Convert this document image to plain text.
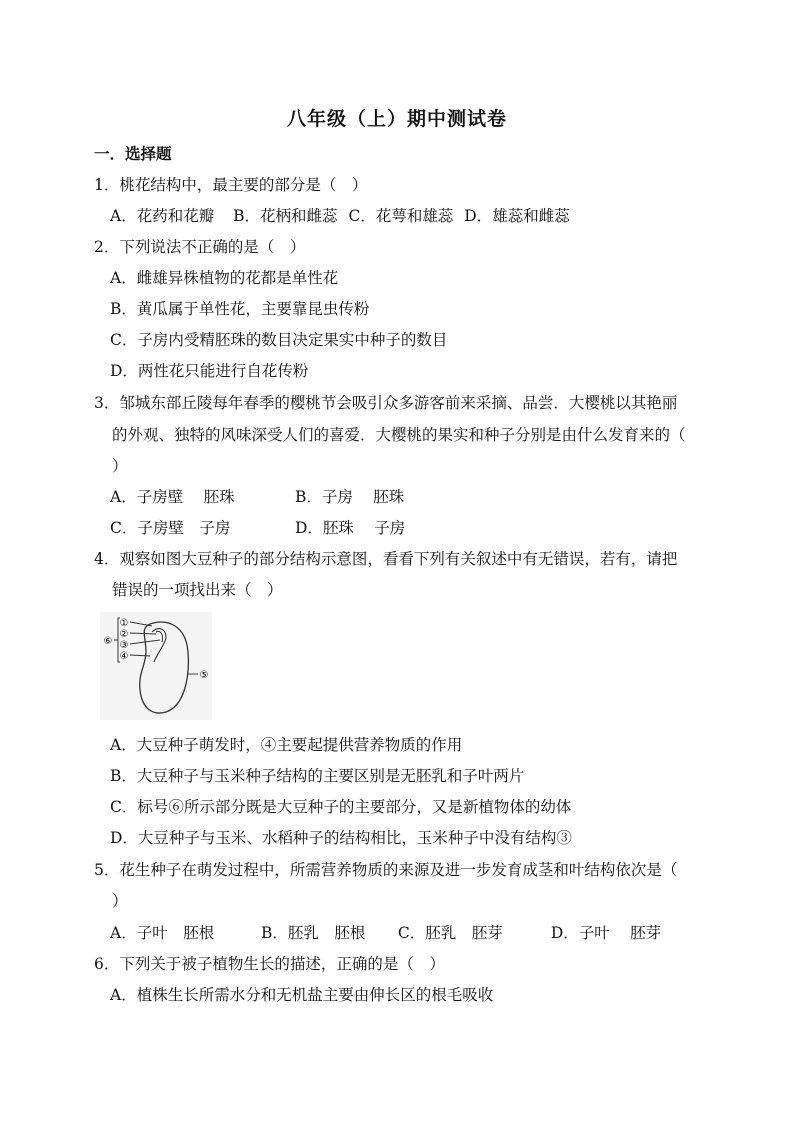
八年级（上）期中测试卷
一．选择题
1．桃花结构中，最主要的部分是（　）
A．花药和花瓣 B．花柄和雌蕊 C．花萼和雄蕊 D．雄蕊和雌蕊
2．下列说法不正确的是（　）
A．雌雄异株植物的花都是单性花
B．黄瓜属于单性花，主要靠昆虫传粉
C．子房内受精胚珠的数目决定果实中种子的数目
D．两性花只能进行自花传粉
3．邹城东部丘陵每年春季的樱桃节会吸引众多游客前来采摘、品尝．大樱桃以其艳丽
的外观、独特的风味深受人们的喜爱．大樱桃的果实和种子分别是由什么发育来的（
）
A．子房壁　 胚珠	B．子房　 胚珠
C．子房壁　子房	D．胚珠　 子房
4．观察如图大豆种子的部分结构示意图，看看下列有关叙述中有无错误，若有，请把
错误的一项找出来（　）
①
②
③
④
⑤
⑥
A．大豆种子萌发时，④主要起提供营养物质的作用
B．大豆种子与玉米种子结构的主要区别是无胚乳和子叶两片
C．标号⑥所示部分既是大豆种子的主要部分，又是新植物体的幼体
D．大豆种子与玉米、水稻种子的结构相比，玉米种子中没有结构③
5．花生种子在萌发过程中，所需营养物质的来源及进一步发育成茎和叶结构依次是（
）
A．子叶　胚根	B．胚乳　胚根 C．胚乳　胚芽	D．子叶　 胚芽
6．下列关于被子植物生长的描述，正确的是（　）
A．植株生长所需水分和无机盐主要由伸长区的根毛吸收
